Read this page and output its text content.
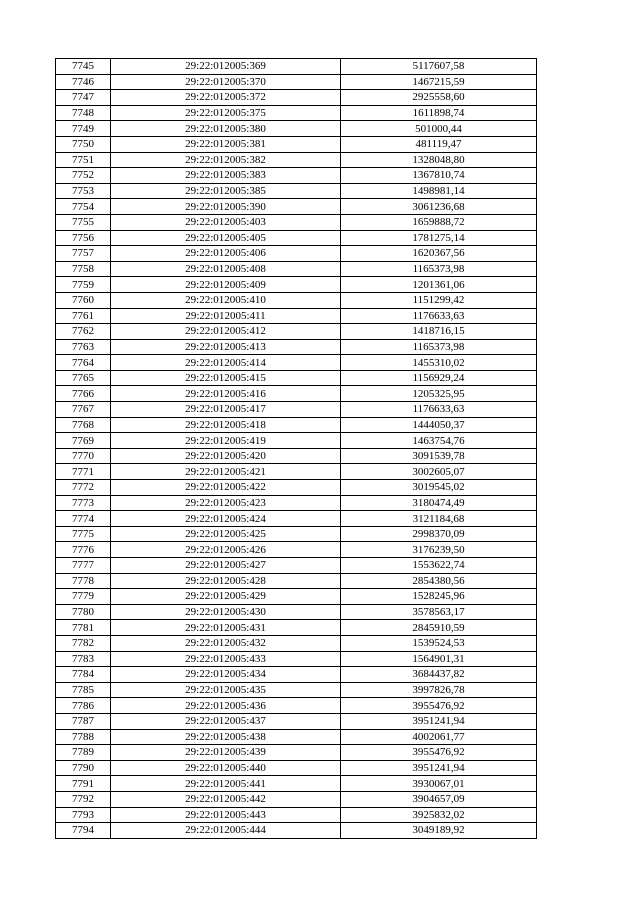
7745	29:22:012005:369	5117607,58
7746	29:22:012005:370	1467215,59
7747	29:22:012005:372	2925558,60
7748	29:22:012005:375	1611898,74
7749	29:22:012005:380	501000,44
7750	29:22:012005:381	481119,47
7751	29:22:012005:382	1328048,80
7752	29:22:012005:383	1367810,74
7753	29:22:012005:385	1498981,14
7754	29:22:012005:390	3061236,68
7755	29:22:012005:403	1659888,72
7756	29:22:012005:405	1781275,14
7757	29:22:012005:406	1620367,56
7758	29:22:012005:408	1165373,98
7759	29:22:012005:409	1201361,06
7760	29:22:012005:410	1151299,42
7761	29:22:012005:411	1176633,63
7762	29:22:012005:412	1418716,15
7763	29:22:012005:413	1165373,98
7764	29:22:012005:414	1455310,02
7765	29:22:012005:415	1156929,24
7766	29:22:012005:416	1205325,95
7767	29:22:012005:417	1176633,63
7768	29:22:012005:418	1444050,37
7769	29:22:012005:419	1463754,76
7770	29:22:012005:420	3091539,78
7771	29:22:012005:421	3002605,07
7772	29:22:012005:422	3019545,02
7773	29:22:012005:423	3180474,49
7774	29:22:012005:424	3121184,68
7775	29:22:012005:425	2998370,09
7776	29:22:012005:426	3176239,50
7777	29:22:012005:427	1553622,74
7778	29:22:012005:428	2854380,56
7779	29:22:012005:429	1528245,96
7780	29:22:012005:430	3578563,17
7781	29:22:012005:431	2845910,59
7782	29:22:012005:432	1539524,53
7783	29:22:012005:433	1564901,31
7784	29:22:012005:434	3684437,82
7785	29:22:012005:435	3997826,78
7786	29:22:012005:436	3955476,92
7787	29:22:012005:437	3951241,94
7788	29:22:012005:438	4002061,77
7789	29:22:012005:439	3955476,92
7790	29:22:012005:440	3951241,94
7791	29:22:012005:441	3930067,01
7792	29:22:012005:442	3904657,09
7793	29:22:012005:443	3925832,02
7794	29:22:012005:444	3049189,92
